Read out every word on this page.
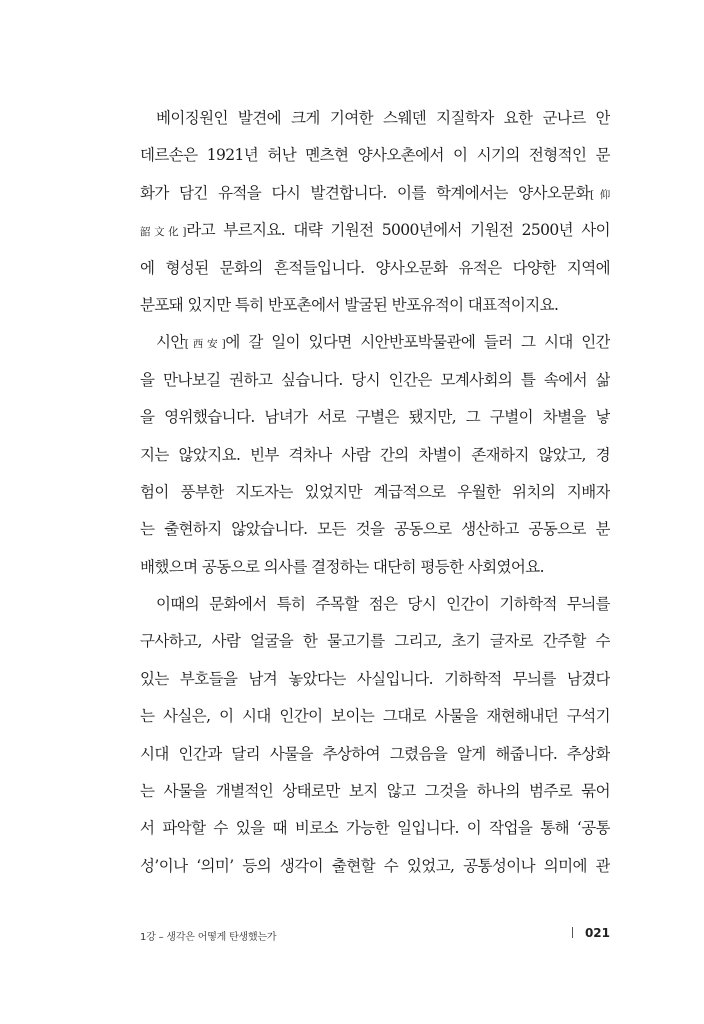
베이징원인 발견에 크게 기여한 스웨덴 지질학자 요한 군나르 안
데르손은 1921년 허난 몐츠현 양사오촌에서 이 시기의 전형적인 문
화가 담긴 유적을 다시 발견합니다. 이를 학계에서는 양사오문화[仰
韶文化]라고 부르지요. 대략 기원전 5000년에서 기원전 2500년 사이
에 형성된 문화의 흔적들입니다. 양사오문화 유적은 다양한 지역에
분포돼 있지만 특히 반포촌에서 발굴된 반포유적이 대표적이지요.
시안[西安]에 갈 일이 있다면 시안반포박물관에 들러 그 시대 인간
을 만나보길 권하고 싶습니다. 당시 인간은 모계사회의 틀 속에서 삶
을 영위했습니다. 남녀가 서로 구별은 됐지만, 그 구별이 차별을 낳
지는 않았지요. 빈부 격차나 사람 간의 차별이 존재하지 않았고, 경
험이 풍부한 지도자는 있었지만 계급적으로 우월한 위치의 지배자
는 출현하지 않았습니다. 모든 것을 공동으로 생산하고 공동으로 분
배했으며 공동으로 의사를 결정하는 대단히 평등한 사회였어요.
이때의 문화에서 특히 주목할 점은 당시 인간이 기하학적 무늬를
구사하고, 사람 얼굴을 한 물고기를 그리고, 초기 글자로 간주할 수
있는 부호들을 남겨 놓았다는 사실입니다. 기하학적 무늬를 남겼다
는 사실은, 이 시대 인간이 보이는 그대로 사물을 재현해내던 구석기
시대 인간과 달리 사물을 추상하여 그렸음을 알게 해줍니다. 추상화
는 사물을 개별적인 상태로만 보지 않고 그것을 하나의 범주로 묶어
서 파악할 수 있을 때 비로소 가능한 일입니다. 이 작업을 통해 ‘공통
성’이나 ‘의미’ 등의 생각이 출현할 수 있었고, 공통성이나 의미에 관
1강 – 생각은 어떻게 탄생했는가	021
